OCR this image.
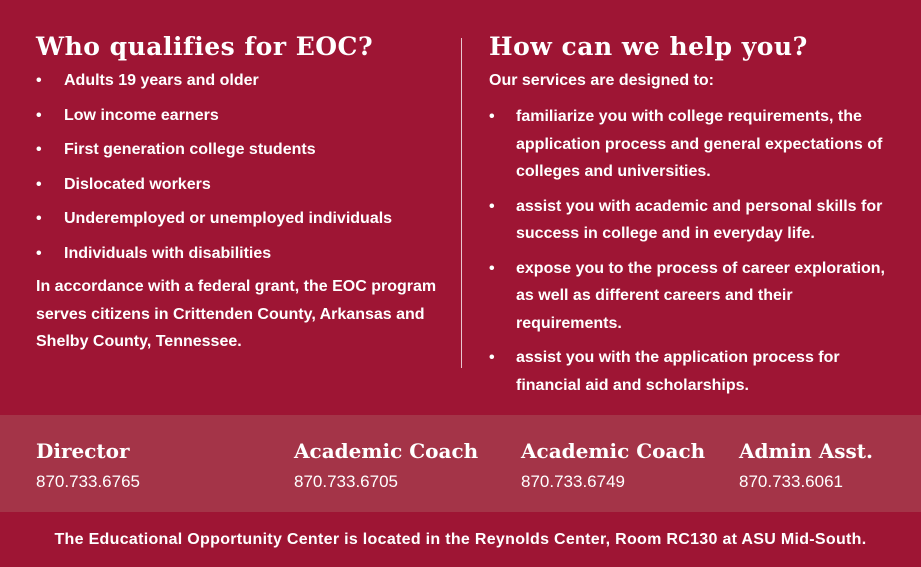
Who qualifies for EOC?
• Adults 19 years and older
• Low income earners
• First generation college students
• Dislocated workers
• Underemployed or unemployed individuals
• Individuals with disabilities

In accordance with a federal grant, the EOC program serves citizens in Crittenden County, Arkansas and Shelby County, Tennessee.

How can we help you?

Our services are designed to:

• familiarize you with college requirements, the application process and general expectations of colleges and universities.
• assist you with academic and personal skills for success in college and in everyday life.
• expose you to the process of career exploration, as well as different careers and their requirements.
• assist you with the application process for financial aid and scholarships.
Director
870.733.6765
Academic Coach
870.733.6705
Academic Coach
870.733.6749
Admin Asst.
870.733.6061
The Educational Opportunity Center is located in the Reynolds Center, Room RC130 at ASU Mid-South.
